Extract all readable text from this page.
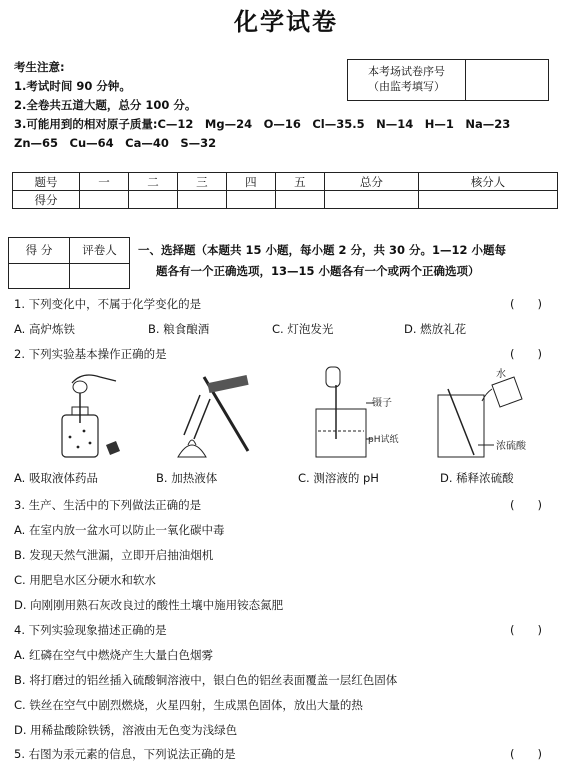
化学试卷
考生注意:
1.考试时间 90 分钟。
2.全卷共五道大题，总分 100 分。
3.可能用到的相对原子质量:C—12　Mg—24　O—16　Cl—35.5　N—14　H—1　Na—23
Zn—65　Cu—64　Ca—40　S—32
本考场试卷序号
（由监考填写）
题号	一	二	三	四	五	总分	核分人
得分							
得 分	评卷人	一、选择题（本题共 15 小题，每小题 2 分，共 30 分。1—12 小题每
题各有一个正确选项，13—15 小题各有一个或两个正确选项）
1. 下列变化中，不属于化学变化的是	(　　)
A. 高炉炼铁	B. 粮食酿酒	C. 灯泡发光	D. 燃放礼花
2. 下列实验基本操作正确的是	(　　)
镊子
pH试纸
水
浓硫酸
A. 吸取液体药品	B. 加热液体	C. 测溶液的 pH	D. 稀释浓硫酸
3. 生产、生活中的下列做法正确的是	(　　)
A. 在室内放一盆水可以防止一氧化碳中毒
B. 发现天然气泄漏，立即开启抽油烟机
C. 用肥皂水区分硬水和软水
D. 向刚刚用熟石灰改良过的酸性土壤中施用铵态氮肥
4. 下列实验现象描述正确的是	(　　)
A. 红磷在空气中燃烧产生大量白色烟雾
B. 将打磨过的铝丝插入硫酸铜溶液中，银白色的铝丝表面覆盖一层红色固体
C. 铁丝在空气中剧烈燃烧，火星四射，生成黑色固体，放出大量的热
D. 用稀盐酸除铁锈，溶液由无色变为浅绿色
5. 右图为汞元素的信息，下列说法正确的是	(　　)
